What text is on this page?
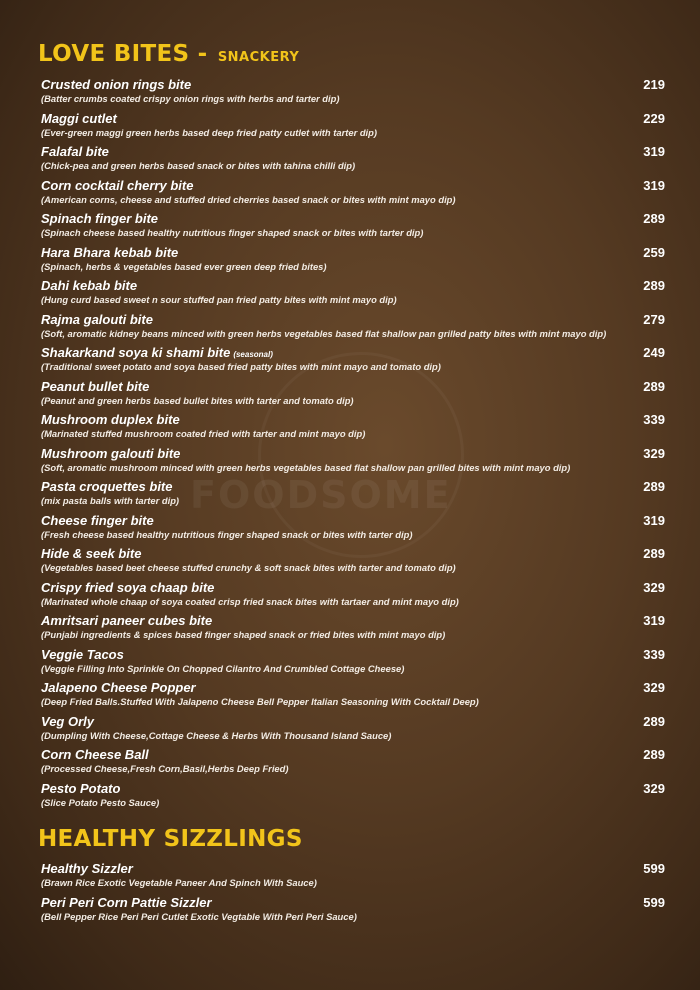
FOODSOME
LOVE BITES - SNACKERY
Crusted onion rings bite
(Batter crumbs coated crispy onion rings with herbs and tarter dip)
219
Maggi cutlet
(Ever-green maggi green herbs based deep fried patty cutlet with tarter dip)
229
Falafal bite
(Chick-pea and green herbs based snack or bites with tahina chilli dip)
319
Corn cocktail cherry bite
(American corns, cheese and stuffed dried cherries based snack or bites with mint mayo dip)
319
Spinach finger bite
(Spinach cheese based healthy nutritious finger shaped snack or bites with tarter dip)
289
Hara Bhara kebab bite
(Spinach, herbs & vegetables based ever green deep fried bites)
259
Dahi kebab bite
(Hung curd based sweet n sour stuffed pan fried patty bites with mint mayo dip)
289
Rajma galouti bite
(Soft, aromatic kidney beans minced with green herbs vegetables based flat shallow pan grilled patty bites with mint mayo dip)
279
Shakarkand soya ki shami bite (seasonal)
(Traditional sweet potato and soya based fried patty bites with mint mayo and tomato dip)
249
Peanut bullet bite
(Peanut and green herbs based bullet bites with tarter and tomato dip)
289
Mushroom duplex bite
(Marinated stuffed mushroom coated fried with tarter and mint mayo dip)
339
Mushroom galouti bite
(Soft, aromatic mushroom minced with green herbs vegetables based flat shallow pan grilled bites with mint mayo dip)
329
Pasta croquettes bite
(mix pasta balls with tarter dip)
289
Cheese finger bite
(Fresh cheese based healthy nutritious finger shaped snack or bites with tarter dip)
319
Hide & seek bite
(Vegetables based beet cheese stuffed crunchy & soft snack bites with tarter and tomato dip)
289
Crispy fried soya chaap bite
(Marinated whole chaap of soya coated crisp fried snack bites with tartaer and mint mayo dip)
329
Amritsari paneer cubes bite
(Punjabi ingredients & spices based finger shaped snack or fried bites with mint mayo dip)
319
Veggie Tacos
(Veggie Filling Into Sprinkle On Chopped Cilantro And Crumbled Cottage Cheese)
339
Jalapeno Cheese Popper
(Deep Fried Balls.Stuffed With Jalapeno Cheese Bell Pepper Italian Seasoning With Cocktail Deep)
329
Veg Orly
(Dumpling With Cheese,Cottage Cheese & Herbs With Thousand Island Sauce)
289
Corn Cheese Ball
(Processed Cheese,Fresh Corn,Basil,Herbs Deep Fried)
289
Pesto Potato
(Slice Potato Pesto Sauce)
329
HEALTHY SIZZLINGS
Healthy Sizzler
(Brawn Rice Exotic Vegetable Paneer And Spinch With Sauce)
599
Peri Peri Corn Pattie Sizzler
(Bell Pepper Rice Peri Peri Cutlet Exotic Vegtable With Peri Peri Sauce)
599
